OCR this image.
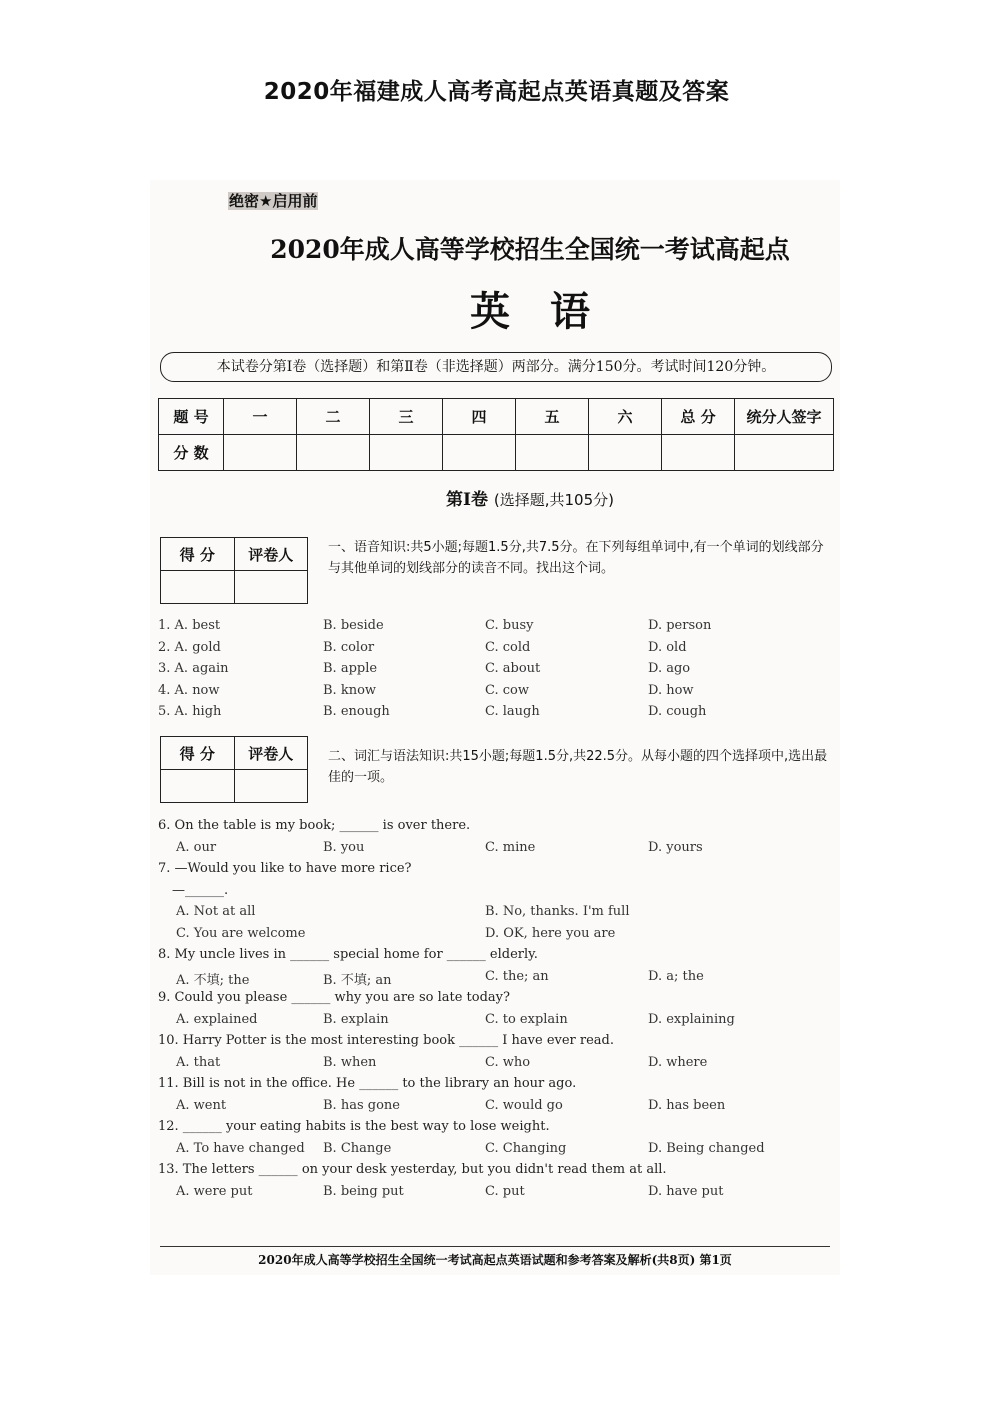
2020年福建成人高考高起点英语真题及答案
绝密★启用前
2020年成人高等学校招生全国统一考试高起点
英语
本试卷分第Ⅰ卷（选择题）和第Ⅱ卷（非选择题）两部分。满分150分。考试时间120分钟。
题 号	一	二	三	四	五	六	总 分	统分人签字
分 数								
第Ⅰ卷 (选择题,共105分)
得 分	评卷人
		一、语音知识:共5小题;每题1.5分,共7.5分。在下列每组单词中,有一个单词的划线部分与其他单词的划线部分的读音不同。找出这个词。
1. A. best	B. beside	C. busy	D. person
2. A. gold	B. color	C. cold	D. old
3. A. again	B. apple	C. about	D. ago
4. A. now	B. know	C. cow	D. how
5. A. high	B. enough	C. laugh	D. cough
得 分	评卷人
		二、词汇与语法知识:共15小题;每题1.5分,共22.5分。从每小题的四个选择项中,选出最佳的一项。
6. On the table is my book; ______ is over there.
A. our	B. you	C. mine	D. yours
7. —Would you like to have more rice?
—______.
A. Not at all	B. No, thanks. I'm full
C. You are welcome	D. OK, here you are
8. My uncle lives in ______ special home for ______ elderly.
A. 不填; the	B. 不填; an	C. the; an	D. a; the
9. Could you please ______ why you are so late today?
A. explained	B. explain	C. to explain	D. explaining
10. Harry Potter is the most interesting book ______ I have ever read.
A. that	B. when	C. who	D. where
11. Bill is not in the office. He ______ to the library an hour ago.
A. went	B. has gone	C. would go	D. has been
12. ______ your eating habits is the best way to lose weight.
A. To have changed B. Change	C. Changing	D. Being changed
13. The letters ______ on your desk yesterday, but you didn't read them at all.
A. were put	B. being put	C. put	D. have put
2020年成人高等学校招生全国统一考试高起点英语试题和参考答案及解析(共8页) 第1页
